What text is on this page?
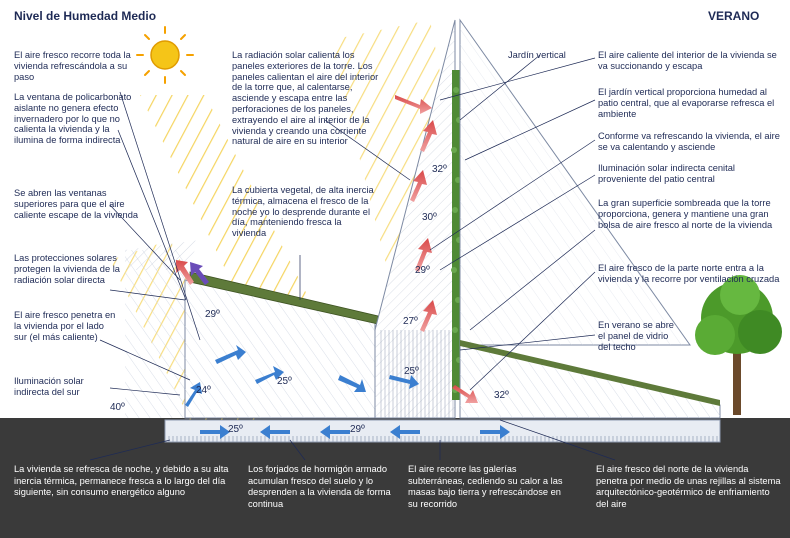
32º
30º
29º
27º
25º
32º
29º
25º
24º
40º
25º	29º
Nivel de Humedad Medio	VERANO

El aire fresco recorre toda la vivienda refrescándola a su paso

La ventana de policarbonato aislante no genera efecto invernadero por lo que no calienta la vivienda y la ilumina de forma indirecta

Se abren las ventanas superiores para que el aire caliente escape de la vivienda

Las protecciones solares protegen la vivienda de la radiación solar directa

El aire fresco penetra en la vivienda por el lado sur (el más caliente)

Iluminación solar indirecta del sur

La radiación solar calienta los paneles exteriores de la torre. Los paneles calientan el aire del interior de la torre que, al calentarse, asciende y escapa entre las perforaciones de los paneles, extrayendo el aire al interior de la vivienda y creando una corriente natural de aire en su interior

La cubierta vegetal, de alta inercia térmica, almacena el fresco de la noche yo lo desprende durante el día, manteniendo fresca la vivienda

Jardín vertical	El aire caliente del interior de la vivienda se va succionando y escapa

El jardín vertical proporciona humedad al patio central, que al evaporarse refresca el ambiente

Conforme va refrescando la vivienda, el aire se va calentando y asciende

Iluminación solar indirecta cenital proveniente del patio central

La gran superficie sombreada que la torre proporciona, genera y mantiene una gran bolsa de aire fresco al norte de la vivienda

El aire fresco de la parte norte entra a la vivienda y la recorre por ventilación cruzada

En verano se abre el panel de vidrio del techo

La vivienda se refresca de noche, y debido a su alta inercia térmica, permanece fresca a lo largo del día siguiente, sin consumo energético alguno

Los forjados de hormigón armado acumulan fresco del suelo y lo desprenden a la vivienda de forma continua

El aire recorre las galerías subterráneas, cediendo su calor a las masas bajo tierra y refrescándose en su recorrido

El aire fresco del norte de la vivienda penetra por medio de unas rejillas al sistema arquitectónico-geotérmico de enfriamiento del aire
